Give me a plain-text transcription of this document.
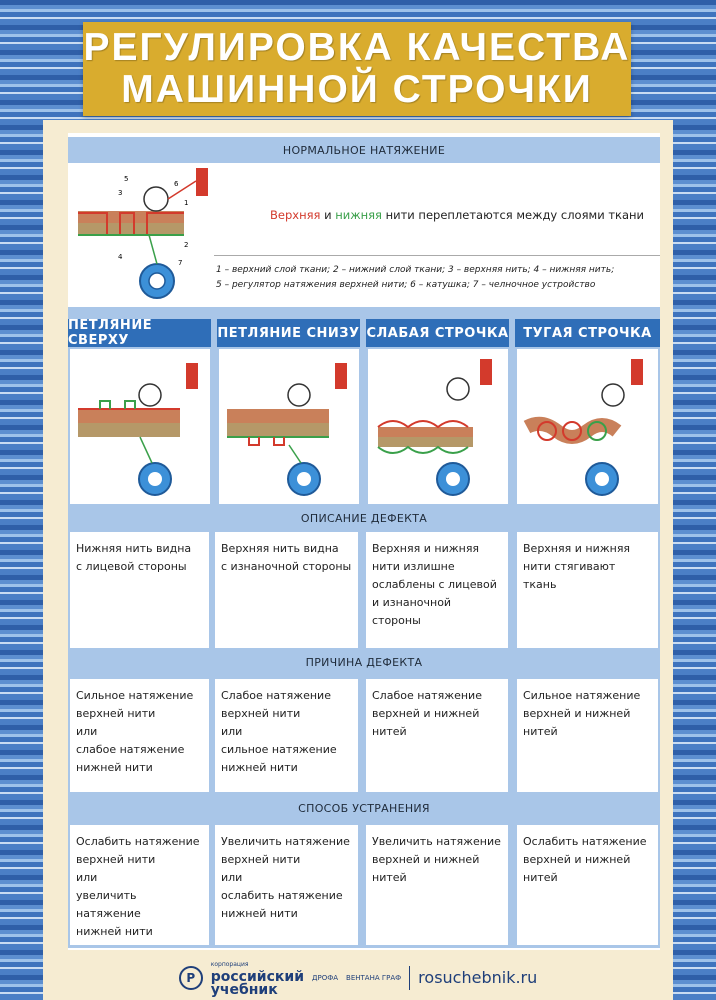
РЕГУЛИРОВКА КАЧЕСТВА
МАШИННОЙ СТРОЧКИ
НОРМАЛЬНОЕ НАТЯЖЕНИЕ
5
6
3
1
2
4
7
Верхняя и нижняя нити переплетаются между слоями ткани
1 – верхний слой ткани; 2 – нижний слой ткани; 3 – верхняя нить; 4 – нижняя нить;
5 – регулятор натяжения верхней нити; 6 – катушка; 7 – челночное устройство
ПЕТЛЯНИЕ СВЕРХУ	ПЕТЛЯНИЕ СНИЗУ СЛАБАЯ СТРОЧКА ТУГАЯ СТРОЧКА
ОПИСАНИЕ ДЕФЕКТА
Нижняя нить видна
с лицевой стороны
Верхняя нить видна
с изнаночной стороны
Верхняя и нижняя
нити излишне
ослаблены с лицевой
и изнаночной
стороны
Верхняя и нижняя
нити стягивают
ткань
ПРИЧИНА ДЕФЕКТА
Сильное натяжение
верхней нити
или
слабое натяжение
нижней нити
Слабое натяжение
верхней нити
или
сильное натяжение
нижней нити
Слабое натяжение
верхней и нижней
нитей
Сильное натяжение
верхней и нижней
нитей
СПОСОБ УСТРАНЕНИЯ
Ослабить натяжение
верхней нити
или
увеличить натяжение
нижней нити
Увеличить натяжение
верхней нити
или
ослабить натяжение
нижней нити
Увеличить натяжение
верхней и нижней
нитей
Ослабить натяжение
верхней и нижней
нитей
Р
корпорация
российский
учебник
ДРОФА ВЕНТАНА ГРАФ rosuchebnik.ru
